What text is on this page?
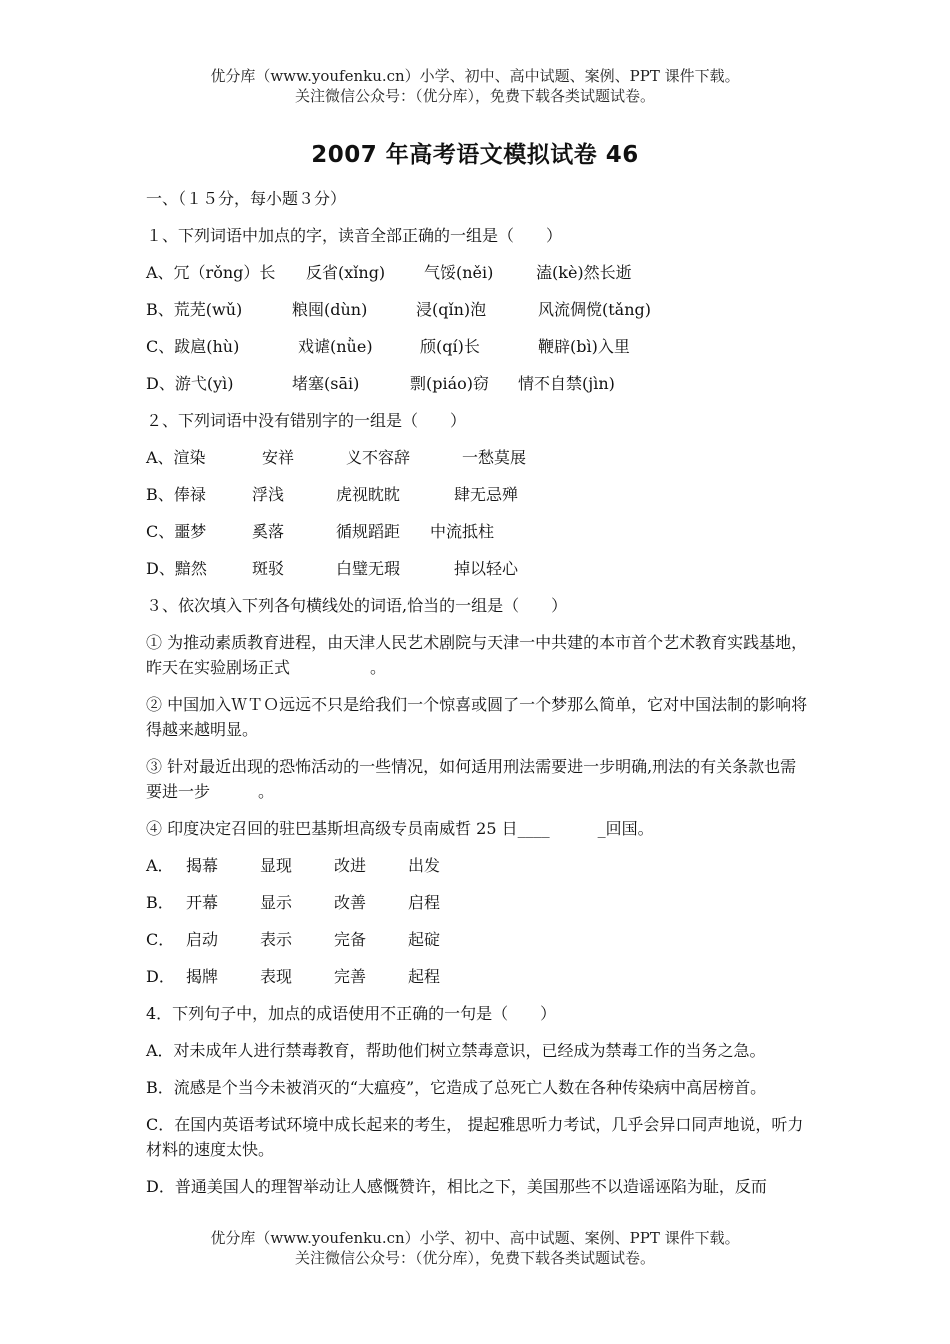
优分库（www.youfenku.cn）小学、初中、高中试题、案例、PPT 课件下载。
关注微信公众号：（优分库），免费下载各类试题试卷。
2007 年高考语文模拟试卷 46
一、（１５分，每小题３分）
１、下列词语中加点的字，读音全部正确的一组是（　　）
A、冗（rǒng）长 反省(xǐng) 气馁(něi)	溘(kè)然长逝
B、荒芜(wǔ)	粮囤(dùn)	浸(qǐn)泡	风流倜傥(tǎng)
C、跋扈(hù)	戏谑(nǜe)	颀(qí)长	鞭辟(bì)入里
D、游弋(yì)	堵塞(sāi)	剽(piáo)窃 情不自禁(jìn)
２、下列词语中没有错别字的一组是（　　）
A、渲染	安祥	义不容辞	一愁莫展
B、俸禄	浮浅	虎视眈眈	肆无忌殚
C、噩梦	奚落	循规蹈距 中流抵柱
D、黯然	斑驳	白璧无瑕	掉以轻心
３、依次填入下列各句横线处的词语,恰当的一组是（　　）
① 为推动素质教育进程，由天津人民艺术剧院与天津一中共建的本市首个艺术教育实践基地，昨天在实验剧场正式　　　　　。
② 中国加入ＷＴＯ远远不只是给我们一个惊喜或圆了一个梦那么简单，它对中国法制的影响将　　 得越来越明显。
③ 针对最近出现的恐怖活动的一些情况，如何适用刑法需要进一步明确,刑法的有关条款也需要进一步　　　。
④ 印度决定召回的驻巴基斯坦高级专员南威哲 25 日____　　　_回国。
A． 揭幕	显现	改进	出发
B． 开幕	显示	改善	启程
C． 启动	表示	完备	起碇
D． 揭牌	表现	完善	起程
4．下列句子中，加点的成语使用不正确的一句是（　　）
A．对未成年人进行禁毒教育，帮助他们树立禁毒意识，已经成为禁毒工作的当务之急。
B．流感是个当今未被消灭的“大瘟疫”，它造成了总死亡人数在各种传染病中高居榜首。
C．在国内英语考试环境中成长起来的考生， 提起雅思听力考试，几乎会异口同声地说，听力材料的速度太快。
D．普通美国人的理智举动让人感慨赞许，相比之下，美国那些不以造谣诬陷为耻，反而
优分库（www.youfenku.cn）小学、初中、高中试题、案例、PPT 课件下载。
关注微信公众号：（优分库），免费下载各类试题试卷。
